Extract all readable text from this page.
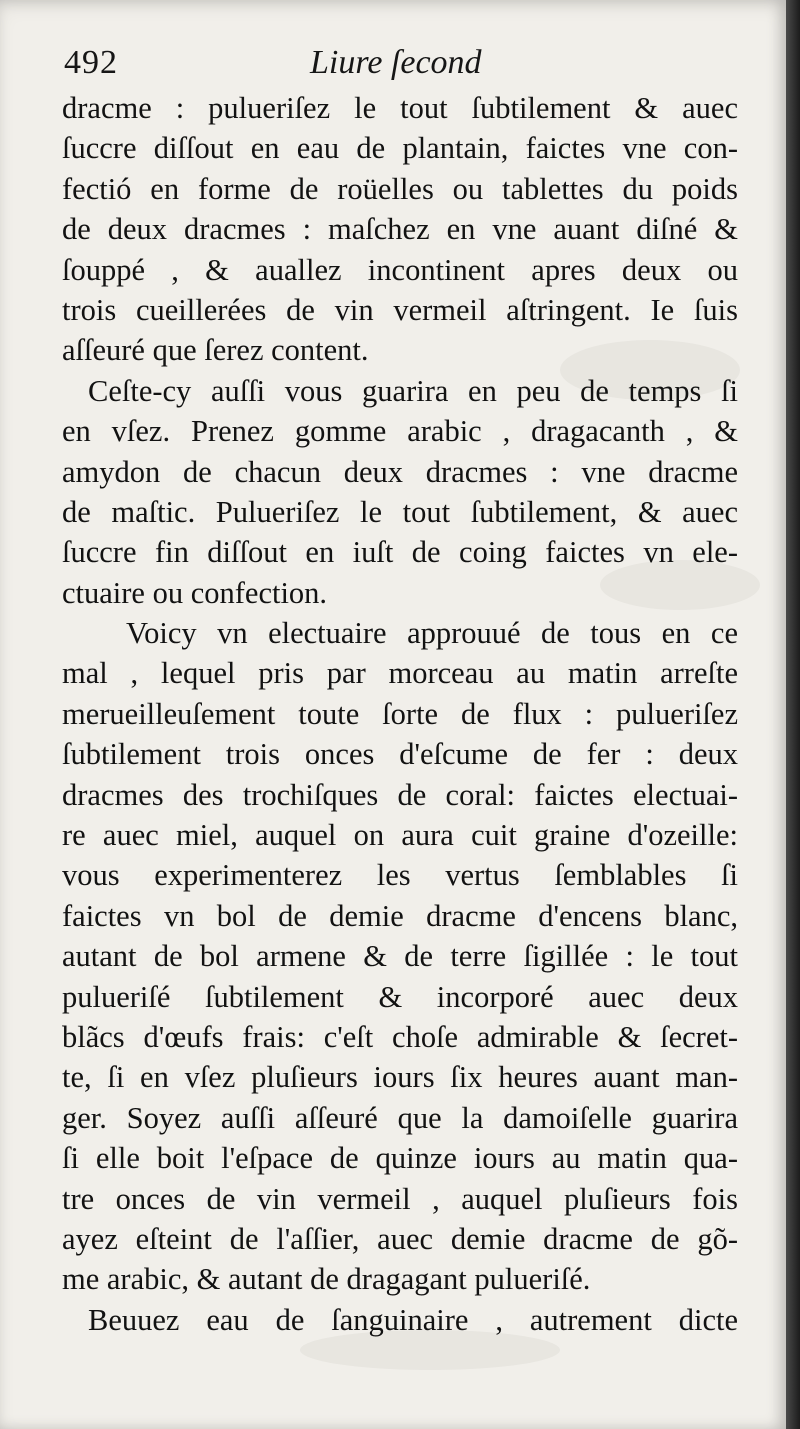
492	Liure ſecond
dracme : pulueriſez le tout ſubtilement & auec
ſuccre diſſout en eau de plantain, faictes vne con-
fectió en forme de roüelles ou tablettes du poids
de deux dracmes : maſchez en vne auant diſné &
ſouppé , & auallez incontinent apres deux ou
trois cueillerées de vin vermeil aſtringent. Ie ſuis
aſſeuré que ſerez content.
Ceſte-cy auſſi vous guarira en peu de temps ſi
en vſez. Prenez gomme arabic , dragacanth , &
amydon de chacun deux dracmes : vne dracme
de maſtic. Pulueriſez le tout ſubtilement, & auec
ſuccre fin diſſout en iuſt de coing faictes vn ele-
ctuaire ou confection.
Voicy vn electuaire approuué de tous en ce
mal , lequel pris par morceau au matin arreſte
merueilleuſement toute ſorte de flux : pulueriſez
ſubtilement trois onces d'eſcume de fer : deux
dracmes des trochiſques de coral: faictes electuai-
re auec miel, auquel on aura cuit graine d'ozeille:
vous experimenterez les vertus ſemblables ſi
faictes vn bol de demie dracme d'encens blanc,
autant de bol armene & de terre ſigillée : le tout
pulueriſé ſubtilement & incorporé auec deux
blãcs d'œufs frais: c'eſt choſe admirable & ſecret-
te, ſi en vſez pluſieurs iours ſix heures auant man-
ger. Soyez auſſi aſſeuré que la damoiſelle guarira
ſi elle boit l'eſpace de quinze iours au matin qua-
tre onces de vin vermeil , auquel pluſieurs fois
ayez eſteint de l'aſſier, auec demie dracme de gõ-
me arabic, & autant de dragagant pulueriſé.
Beuuez eau de ſanguinaire , autrement dicte
